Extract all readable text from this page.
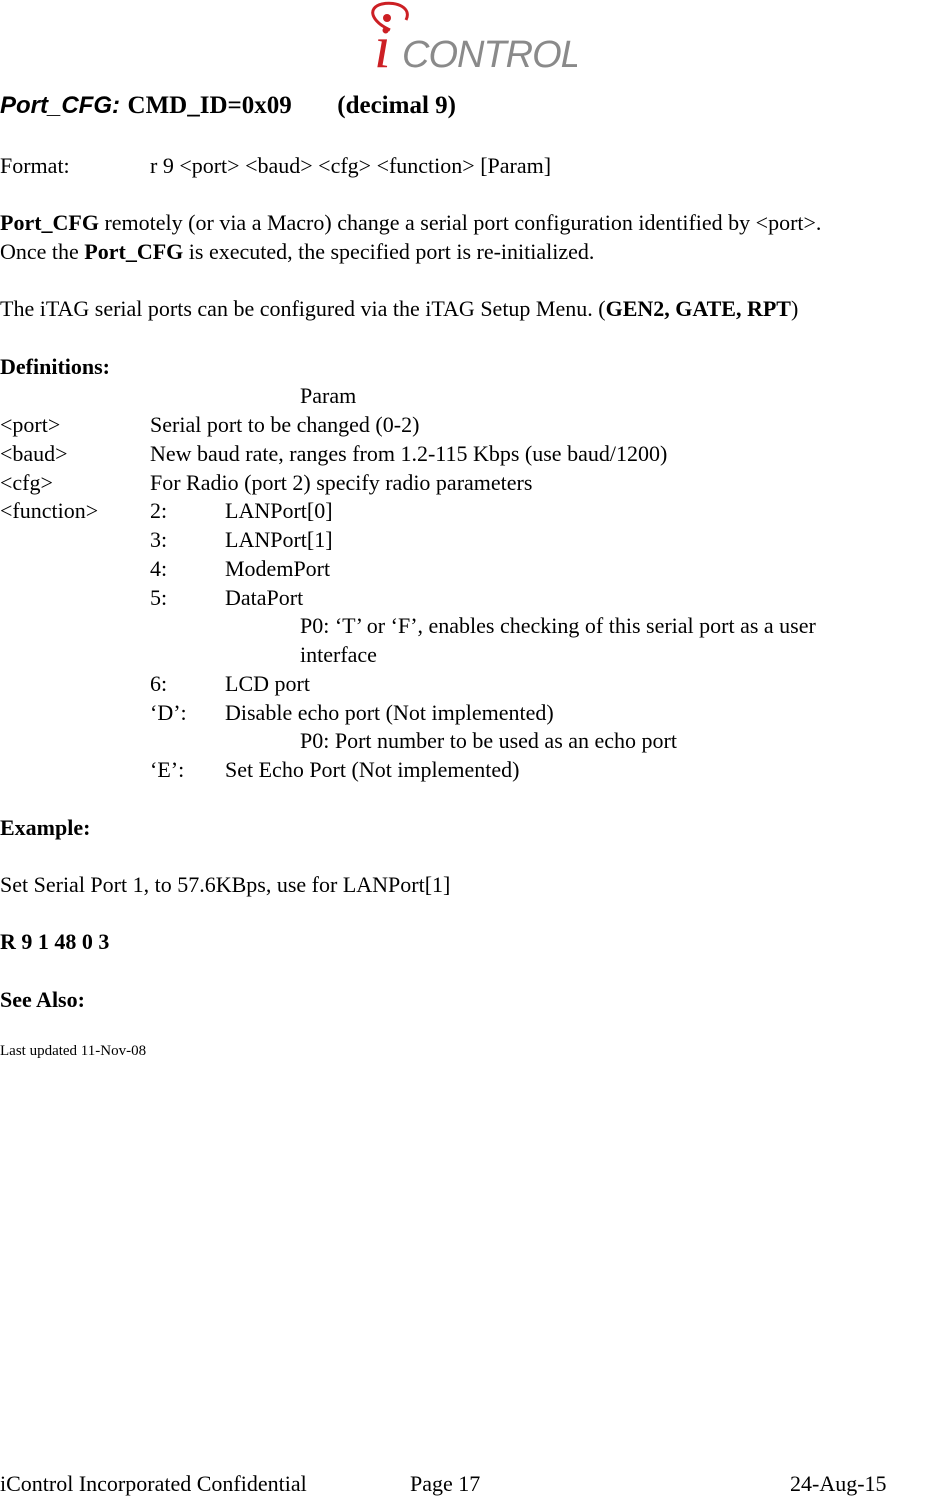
i CONTROL
Port_CFG: CMD_ID=0x09 (decimal 9)
Format:	r 9 <port> <baud> <cfg> <function> [Param]
Port_CFG remotely (or via a Macro) change a serial port configuration identified by <port>.
Once the Port_CFG is executed, the specified port is re-initialized.
The iTAG serial ports can be configured via the iTAG Setup Menu. (GEN2, GATE, RPT)
Definitions:
Param
<port>	Serial port to be changed (0-2)
<baud>	New baud rate, ranges from 1.2-115 Kbps (use baud/1200)
<cfg>	For Radio (port 2) specify radio parameters
<function> 2:	LANPort[0]
3:	LANPort[1]
4:	ModemPort
5:	DataPort
P0: ‘T’ or ‘F’, enables checking of this serial port as a user
interface
6:	LCD port
‘D’: Disable echo port (Not implemented)
P0: Port number to be used as an echo port
‘E’: Set Echo Port (Not implemented)
Example:
Set Serial Port 1, to 57.6KBps, use for LANPort[1]
R 9 1 48 0 3
See Also:
Last updated 11-Nov-08
iControl Incorporated Confidential	Page 17	24-Aug-15
